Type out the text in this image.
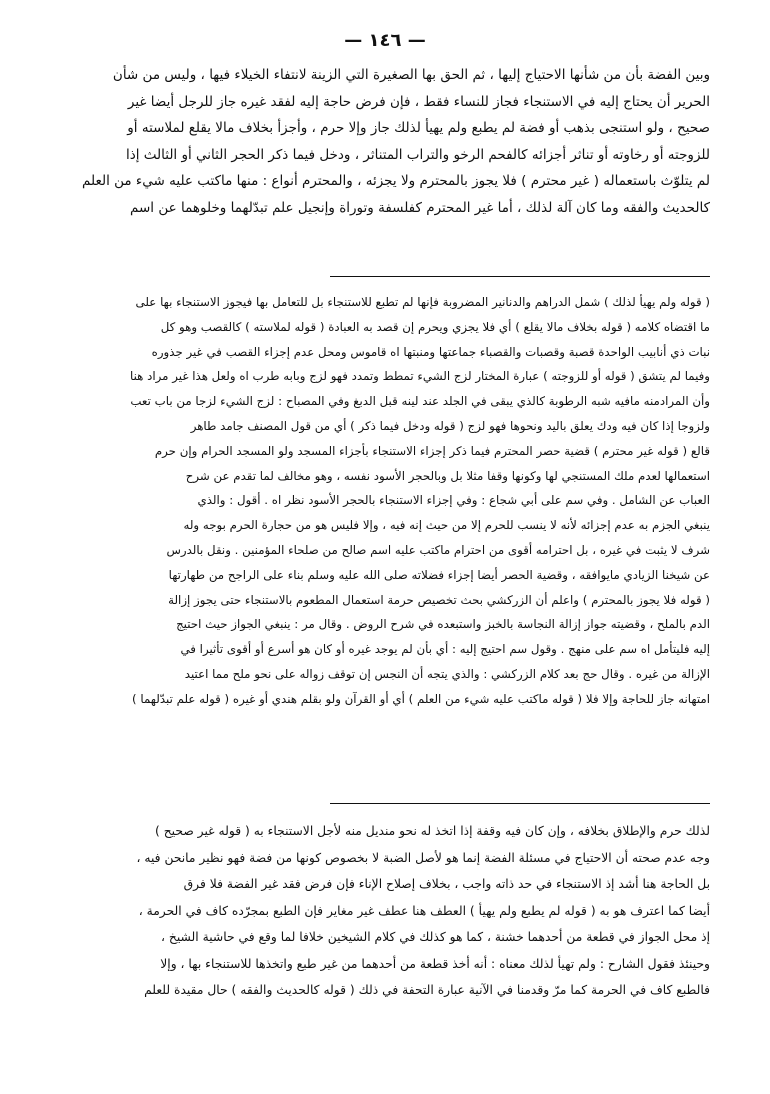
— ١٤٦ —
وبين الفضة بأن من شأنها الاحتياج إليها ، ثم الحق بها الصغيرة التي الزينة لانتفاء الخيلاء فيها ، وليس من شأن
الحرير أن يحتاج إليه في الاستنجاء فجاز للنساء فقط ، فإن فرض حاجة إليه لفقد غيره جاز للرجل أيضا غير
صحيح ، ولو استنجى بذهب أو فضة لم يطبع ولم يهيأ لذلك جاز وإلا حرم ، وأجزأ بخلاف مالا يقلع لملاسته أو
للزوجته أو رخاوته أو تناثر أجزائه كالفحم الرخو والتراب المتناثر ، ودخل فيما ذكر الحجر الثاني أو الثالث إذا
لم يتلوّث باستعماله ( غير محترم ) فلا يجوز بالمحترم ولا يجزئه ، والمحترم أنواع : منها ماكتب عليه شيء من العلم
كالحديث والفقه وما كان آلة لذلك ، أما غير المحترم كفلسفة وتوراة وإنجيل علم تبدّلهما وخلوهما عن اسم
( قوله ولم يهيأ لذلك ) شمل الدراهم والدنانير المضروبة فإنها لم تطبع للاستنجاء بل للتعامل بها فيجوز الاستنجاء بها على
ما اقتضاه كلامه ( قوله بخلاف مالا يقلع ) أي فلا يجزي ويحرم إن قصد به العبادة ( قوله لملاسته ) كالقصب وهو كل
نبات ذي أنابيب الواحدة قصبة وقصبات والقصباء جماعتها ومنبتها اه قاموس ومحل عدم إجزاء القصب في غير جذوره
وفيما لم يتشق ( قوله أو للزوجته ) عبارة المختار لزج الشيء تمطط وتمدد فهو لزج وبابه طرب اه ولعل هذا غير مراد هنا
وأن المرادمنه مافيه شبه الرطوبة كالذي يبقى في الجلد عند لينه قبل الدبغ وفي المصباح : لزج الشيء لزجا من باب تعب
ولزوجا إذا كان فيه ودك يعلق باليد ونحوها فهو لزج ( قوله ودخل فيما ذكر ) أي من قول المصنف جامد طاهر
قالع ( قوله غير محترم ) قضية حصر المحترم فيما ذكر إجزاء الاستنجاء بأجزاء المسجد ولو المسجد الحرام وإن حرم
استعمالها لعدم ملك المستنجي لها وكونها وقفا مثلا بل وبالحجر الأسود نفسه ، وهو مخالف لما تقدم عن شرح
العباب عن الشامل . وفي سم على أبي شجاع : وفي إجزاء الاستنجاء بالحجر الأسود نظر اه . أقول : والذي
ينبغي الجزم به عدم إجزائه لأنه لا ينسب للحرم إلا من حيث إنه فيه ، وإلا فليس هو من حجارة الحرم بوجه وله
شرف لا يثبت في غيره ، بل احترامه أقوى من احترام ماكتب عليه اسم صالح من صلحاء المؤمنين . ونقل بالدرس
عن شيخنا الزيادي مايوافقه ، وقضية الحصر أيضا إجزاء فضلاته صلى الله عليه وسلم بناء على الراجح من طهارتها
( قوله فلا يجوز بالمحترم ) واعلم أن الزركشي بحث تخصيص حرمة استعمال المطعوم بالاستنجاء حتى يجوز إزالة
الدم بالملح ، وقضيته جواز إزالة النجاسة بالخبز واستبعده في شرح الروض . وقال مر : ينبغي الجواز حيث احتيج
إليه فليتأمل اه سم على منهج . وقول سم احتيج إليه : أي بأن لم يوجد غيره أو كان هو أسرع أو أقوى تأثيرا في
الإزالة من غيره . وقال حج بعد كلام الزركشي : والذي يتجه أن النجس إن توقف زواله على نحو ملح مما اعتيد
امتهانه جاز للحاجة وإلا فلا ( قوله ماكتب عليه شيء من العلم ) أي أو القرآن ولو بقلم هندي أو غيره ( قوله علم تبدّلهما )
لذلك حرم والإطلاق بخلافه ، وإن كان فيه وقفة إذا اتخذ له نحو منديل منه لأجل الاستنجاء به ( قوله غير صحيح )
وجه عدم صحته أن الاحتياج في مسئلة الفضة إنما هو لأصل الضبة لا بخصوص كونها من فضة فهو نظير مانحن فيه ،
بل الحاجة هنا أشد إذ الاستنجاء في حد ذاته واجب ، بخلاف إصلاح الإناء فإن فرض فقد غير الفضة فلا فرق
أيضا كما اعترف هو به ( قوله لم يطبع ولم يهيأ ) العطف هنا عطف غير مغاير فإن الطبع بمجرّده كاف في الحرمة ،
إذ محل الجواز في قطعة من أحدهما خشنة ، كما هو كذلك في كلام الشيخين خلافا لما وقع في حاشية الشيخ ،
وحينئذ فقول الشارح : ولم تهيأ لذلك معناه : أنه أخذ قطعة من أحدهما من غير طبع واتخذها للاستنجاء بها ، وإلا
فالطبع كاف في الحرمة كما مرّ وقدمنا في الآنية عبارة التحفة في ذلك ( قوله كالحديث والفقه ) حال مقيدة للعلم
